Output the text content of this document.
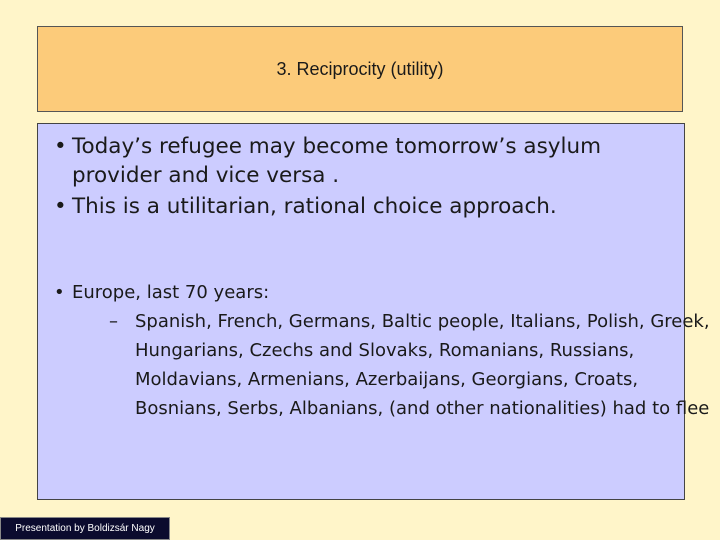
3. Reciprocity (utility)
• Today’s refugee may become tomorrow’s asylum provider and vice versa .
• This is a utilitarian, rational choice approach.
• Europe, last 70 years:
– Spanish, French, Germans, Baltic people, Italians, Polish, Greek, Hungarians, Czechs and Slovaks, Romanians, Russians, Moldavians, Armenians, Azerbaijans, Georgians, Croats, Bosnians, Serbs, Albanians, (and other nationalities) had to flee
Presentation by Boldizsár Nagy
